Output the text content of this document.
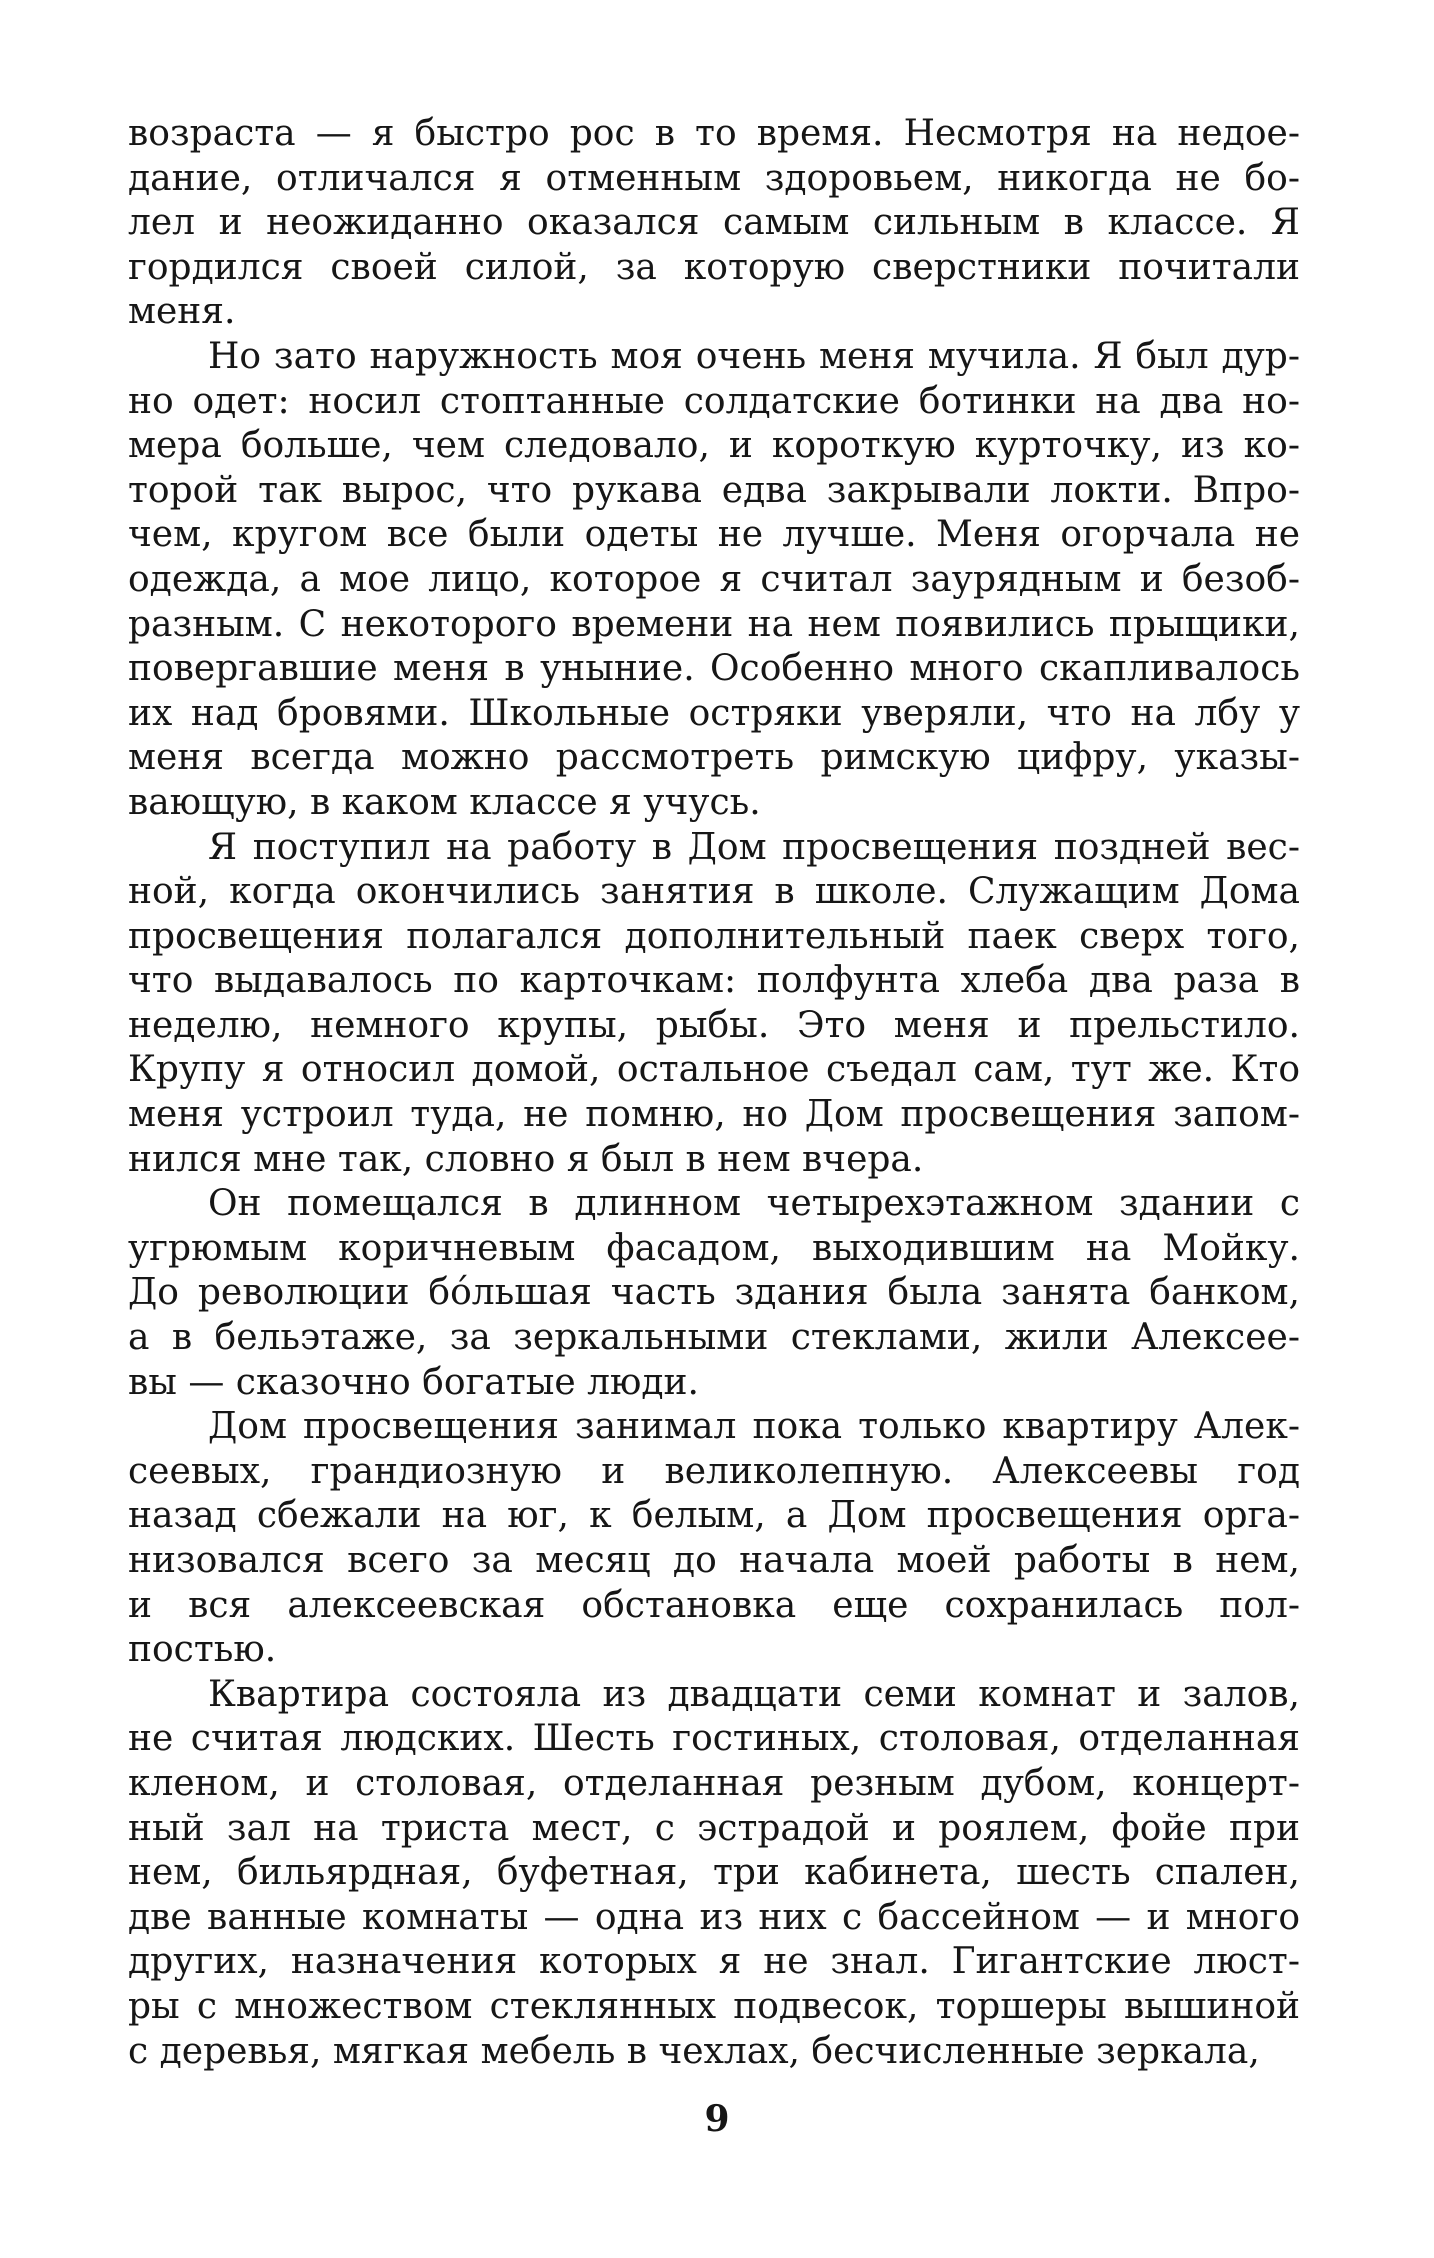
возраста — я быстро рос в то время. Несмотря на недое-
дание, отличался я отменным здоровьем, никогда не бо-
лел и неожиданно оказался самым сильным в классе. Я
гордился своей силой, за которую сверстники почитали
меня.
Но зато наружность моя очень меня мучила. Я был дур-
но одет: носил стоптанные солдатские ботинки на два но-
мера больше, чем следовало, и короткую курточку, из ко-
торой так вырос, что рукава едва закрывали локти. Впро-
чем, кругом все были одеты не лучше. Меня огорчала не
одежда, а мое лицо, которое я считал заурядным и безоб-
разным. С некоторого времени на нем появились прыщики,
повергавшие меня в уныние. Особенно много скапливалось
их над бровями. Школьные остряки уверяли, что на лбу у
меня всегда можно рассмотреть римскую цифру, указы-
вающую, в каком классе я учусь.
Я поступил на работу в Дом просвещения поздней вес-
ной, когда окончились занятия в школе. Служащим Дома
просвещения полагался дополнительный паек сверх того,
что выдавалось по карточкам: полфунта хлеба два раза в
неделю, немного крупы, рыбы. Это меня и прельстило.
Крупу я относил домой, остальное съедал сам, тут же. Кто
меня устроил туда, не помню, но Дом просвещения запом-
нился мне так, словно я был в нем вчера.
Он помещался в длинном четырехэтажном здании с
угрюмым коричневым фасадом, выходившим на Мойку.
До революции бóльшая часть здания была занята банком,
а в бельэтаже, за зеркальными стеклами, жили Алексее-
вы — сказочно богатые люди.
Дом просвещения занимал пока только квартиру Алек-
сеевых, грандиозную и великолепную. Алексеевы год
назад сбежали на юг, к белым, а Дом просвещения орга-
низовался всего за месяц до начала моей работы в нем,
и вся алексеевская обстановка еще сохранилась пол-
постью.
Квартира состояла из двадцати семи комнат и залов,
не считая людских. Шесть гостиных, столовая, отделанная
кленом, и столовая, отделанная резным дубом, концерт-
ный зал на триста мест, с эстрадой и роялем, фойе при
нем, бильярдная, буфетная, три кабинета, шесть спален,
две ванные комнаты — одна из них с бассейном — и много
других, назначения которых я не знал. Гигантские люст-
ры с множеством стеклянных подвесок, торшеры вышиной
с деревья, мягкая мебель в чехлах, бесчисленные зеркала,
9
